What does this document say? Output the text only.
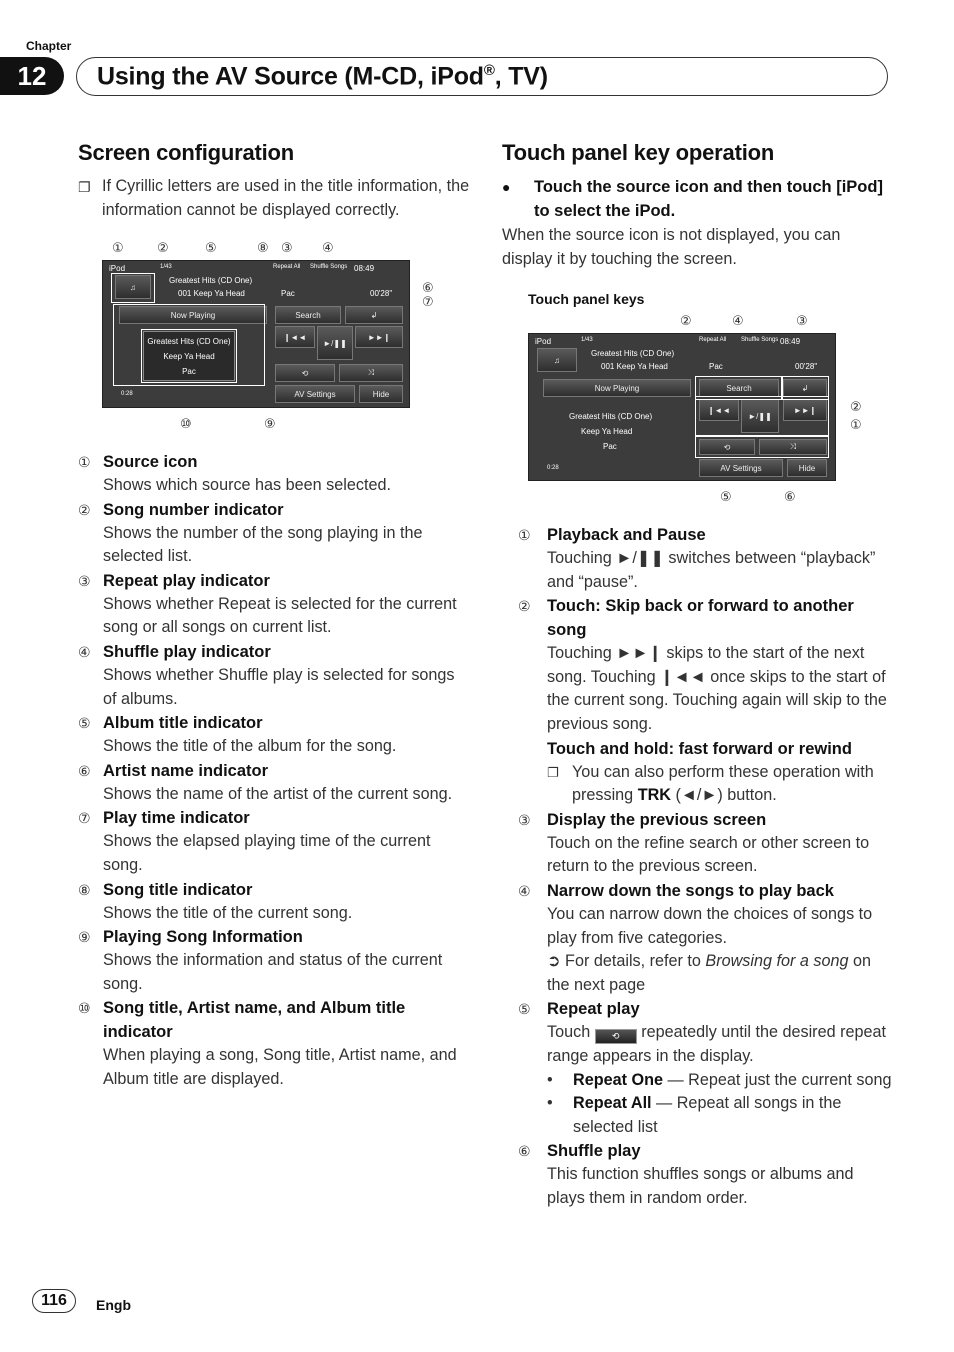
Chapter
12	Using the AV Source (M-CD, iPod®, TV)
Screen configuration
❐ If Cyrillic letters are used in the title information, the information cannot be displayed correctly.
①	②	⑤	⑧ ③ ④
iPod	1/43	Repeat All Shuffle Songs 08:49
♫
Greatest Hits (CD One)
001 Keep Ya Head	Pac	00'28"
Now Playing	Search	↲
❙◄◄
►/❚❚
►►❙
Greatest Hits (CD One)
Keep Ya Head
Pac	⟲	⤨
AV Settings	Hide
0:28
⑥
⑦
⑩	⑨
① Source icon
Shows which source has been selected.
② Song number indicator
Shows the number of the song playing in the selected list.
③ Repeat play indicator
Shows whether Repeat is selected for the current song or all songs on current list.
④ Shuffle play indicator
Shows whether Shuffle play is selected for songs of albums.
⑤ Album title indicator
Shows the title of the album for the song.
⑥ Artist name indicator
Shows the name of the artist of the current song.
⑦ Play time indicator
Shows the elapsed playing time of the current song.
⑧ Song title indicator
Shows the title of the current song.
⑨ Playing Song Information
Shows the information and status of the current song.
⑩ Song title, Artist name, and Album title indicator
When playing a song, Song title, Artist name, and Album title are displayed.
Touch panel key operation
●	Touch the source icon and then touch [iPod] to select the iPod.
When the source icon is not displayed, you can display it by touching the screen.
Touch panel keys
②	④	③
iPod	1/43	Repeat All Shuffle Songs 08:49
♫
Greatest Hits (CD One)
001 Keep Ya Head	Pac	00'28"
Now Playing	Search	↲
❙◄◄
►/❚❚
►►❙
Greatest Hits (CD One)
Keep Ya Head
Pac	⟲	⤨
AV Settings	Hide
0:28
②
①
⑤	⑥
① Playback and Pause
Touching ►/❚❚ switches between “playback” and “pause”.
② Touch: Skip back or forward to another song
Touching ►►❙ skips to the start of the next song. Touching ❙◄◄ once skips to the start of the current song. Touching again will skip to the previous song.
Touch and hold: fast forward or rewind
❐ You can also perform these operation with pressing TRK (◄/►) button.
③ Display the previous screen
Touch on the refine search or other screen to return to the previous screen.
④ Narrow down the songs to play back
You can narrow down the choices of songs to play from five categories.
➲ For details, refer to Browsing for a song on the next page
⑤ Repeat play
Touch ⟲ repeatedly until the desired repeat range appears in the display.
•	Repeat One — Repeat just the current song
•	Repeat All — Repeat all songs in the selected list
⑥ Shuffle play
This function shuffles songs or albums and plays them in random order.
116	Engb
